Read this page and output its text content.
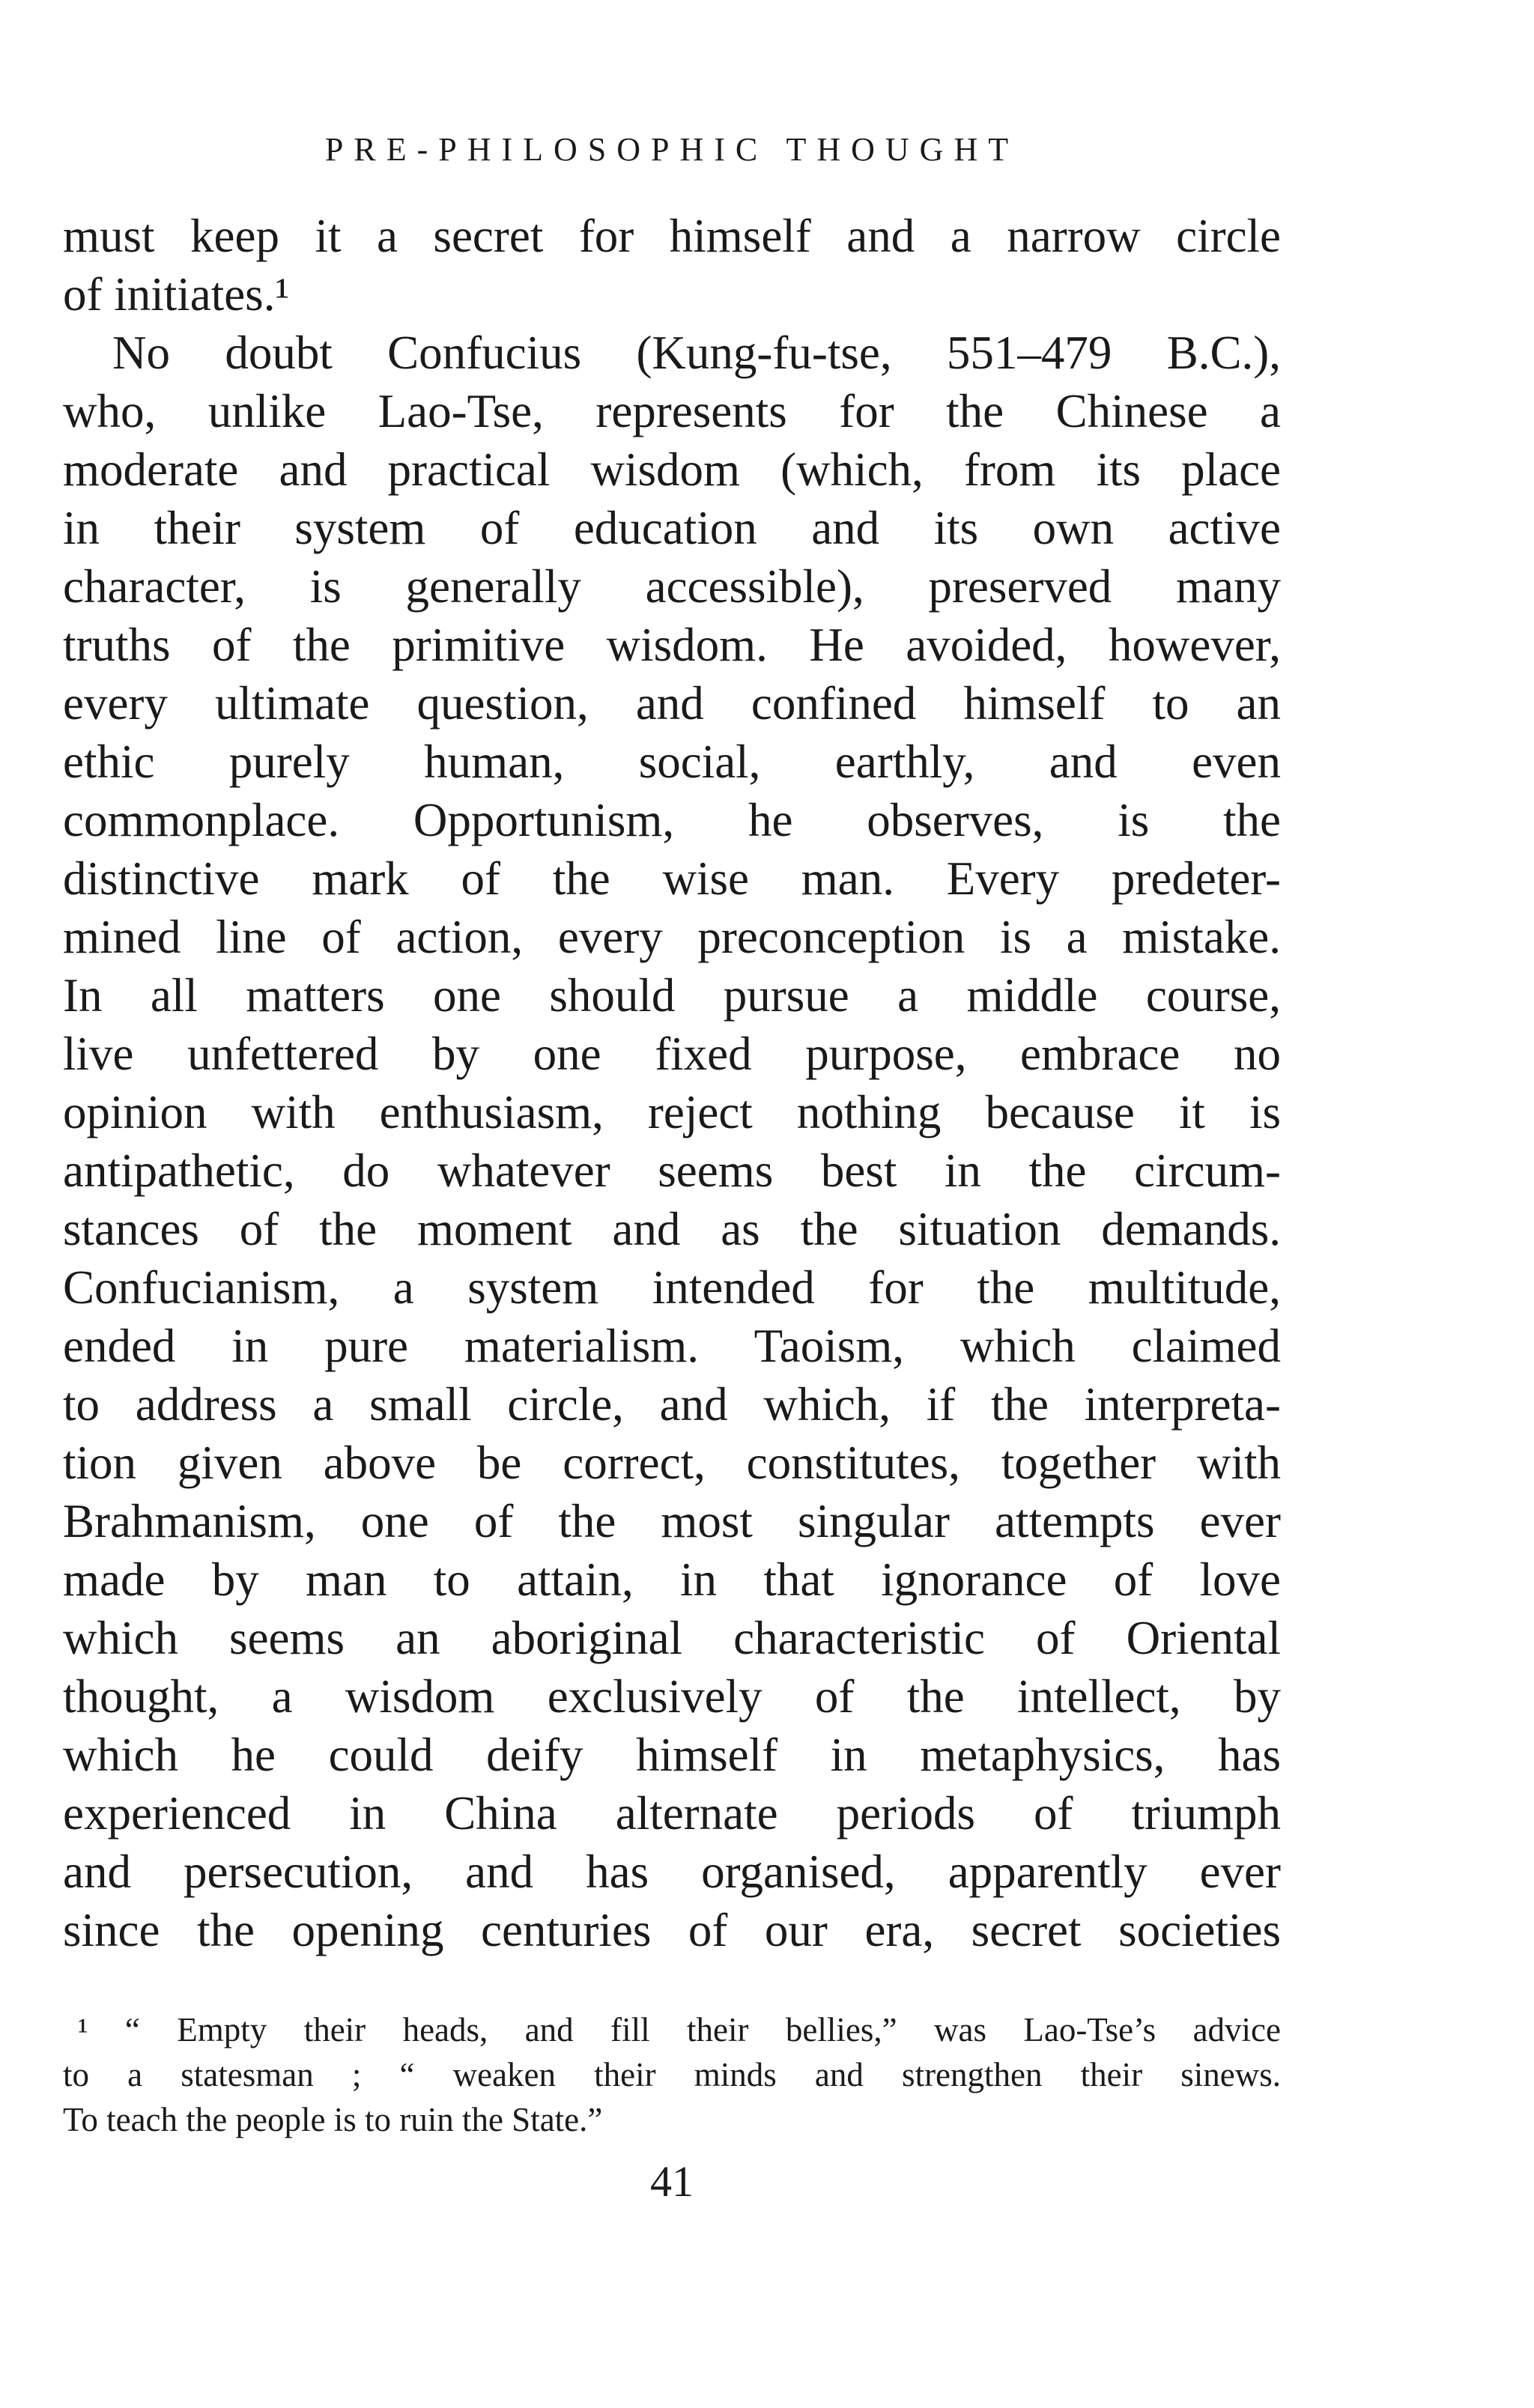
PRE-PHILOSOPHIC THOUGHT
must keep it a secret for himself and a narrow circle
of initiates.¹
No doubt Confucius (Kung-fu-tse, 551–479 B.C.),
who, unlike Lao-Tse, represents for the Chinese a
moderate and practical wisdom (which, from its place
in their system of education and its own active
character, is generally accessible), preserved many
truths of the primitive wisdom. He avoided, however,
every ultimate question, and confined himself to an
ethic purely human, social, earthly, and even
commonplace. Opportunism, he observes, is the
distinctive mark of the wise man. Every predeter-
mined line of action, every preconception is a mistake.
In all matters one should pursue a middle course,
live unfettered by one fixed purpose, embrace no
opinion with enthusiasm, reject nothing because it is
antipathetic, do whatever seems best in the circum-
stances of the moment and as the situation demands.
Confucianism, a system intended for the multitude,
ended in pure materialism. Taoism, which claimed
to address a small circle, and which, if the interpreta-
tion given above be correct, constitutes, together with
Brahmanism, one of the most singular attempts ever
made by man to attain, in that ignorance of love
which seems an aboriginal characteristic of Oriental
thought, a wisdom exclusively of the intellect, by
which he could deify himself in metaphysics, has
experienced in China alternate periods of triumph
and persecution, and has organised, apparently ever
since the opening centuries of our era, secret societies
¹ “ Empty their heads, and fill their bellies,” was Lao-Tse’s advice
to a statesman ; “ weaken their minds and strengthen their sinews.
To teach the people is to ruin the State.”
41
